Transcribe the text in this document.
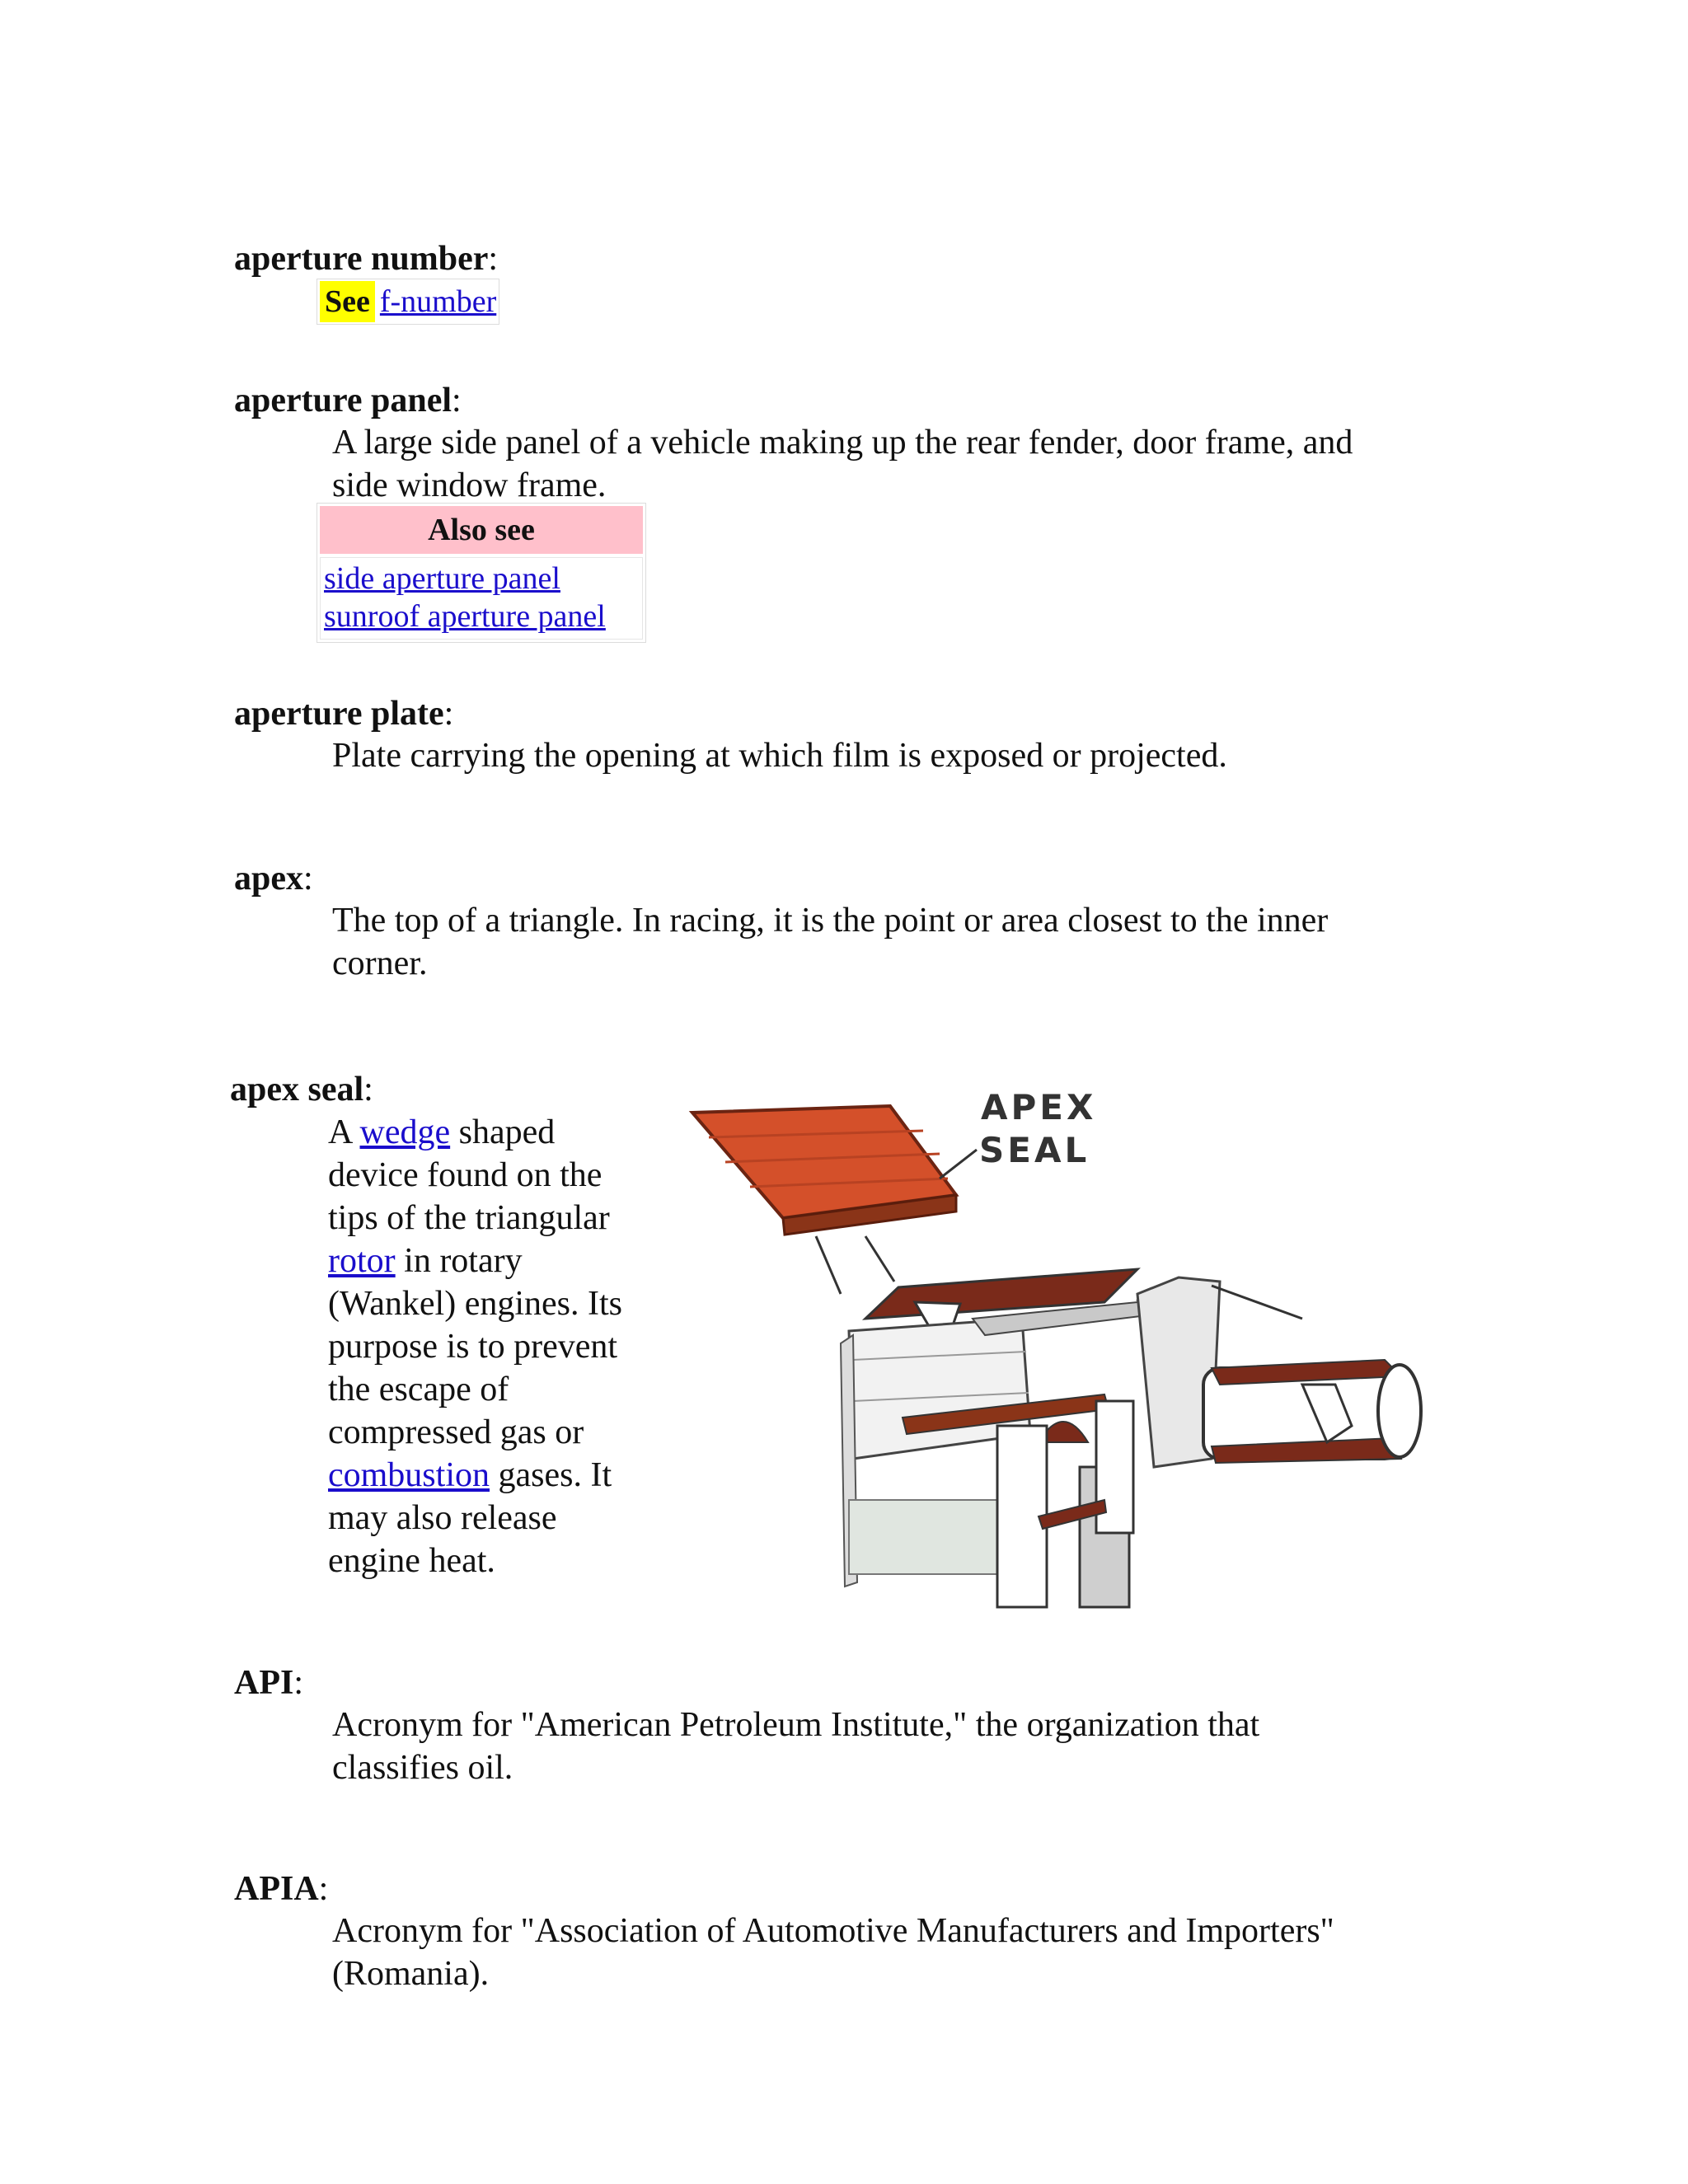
aperture number:

See f-number

aperture panel:

A large side panel of a vehicle making up the rear fender, door frame, and
side window frame.

Also see
side aperture panel
sunroof aperture panel

aperture plate:

Plate carrying the opening at which film is exposed or projected.

apex:

The top of a triangle. In racing, it is the point or area closest to the inner
corner.

apex seal:

A wedge shaped device found on the tips of the triangular rotor in rotary (Wankel) engines. Its purpose is to prevent the escape of compressed gas or combustion gases. It may also release engine heat.

APEX
SEAL

API:

Acronym for "American Petroleum Institute," the organization that
classifies oil.

APIA:

Acronym for "Association of Automotive Manufacturers and Importers"
(Romania).
